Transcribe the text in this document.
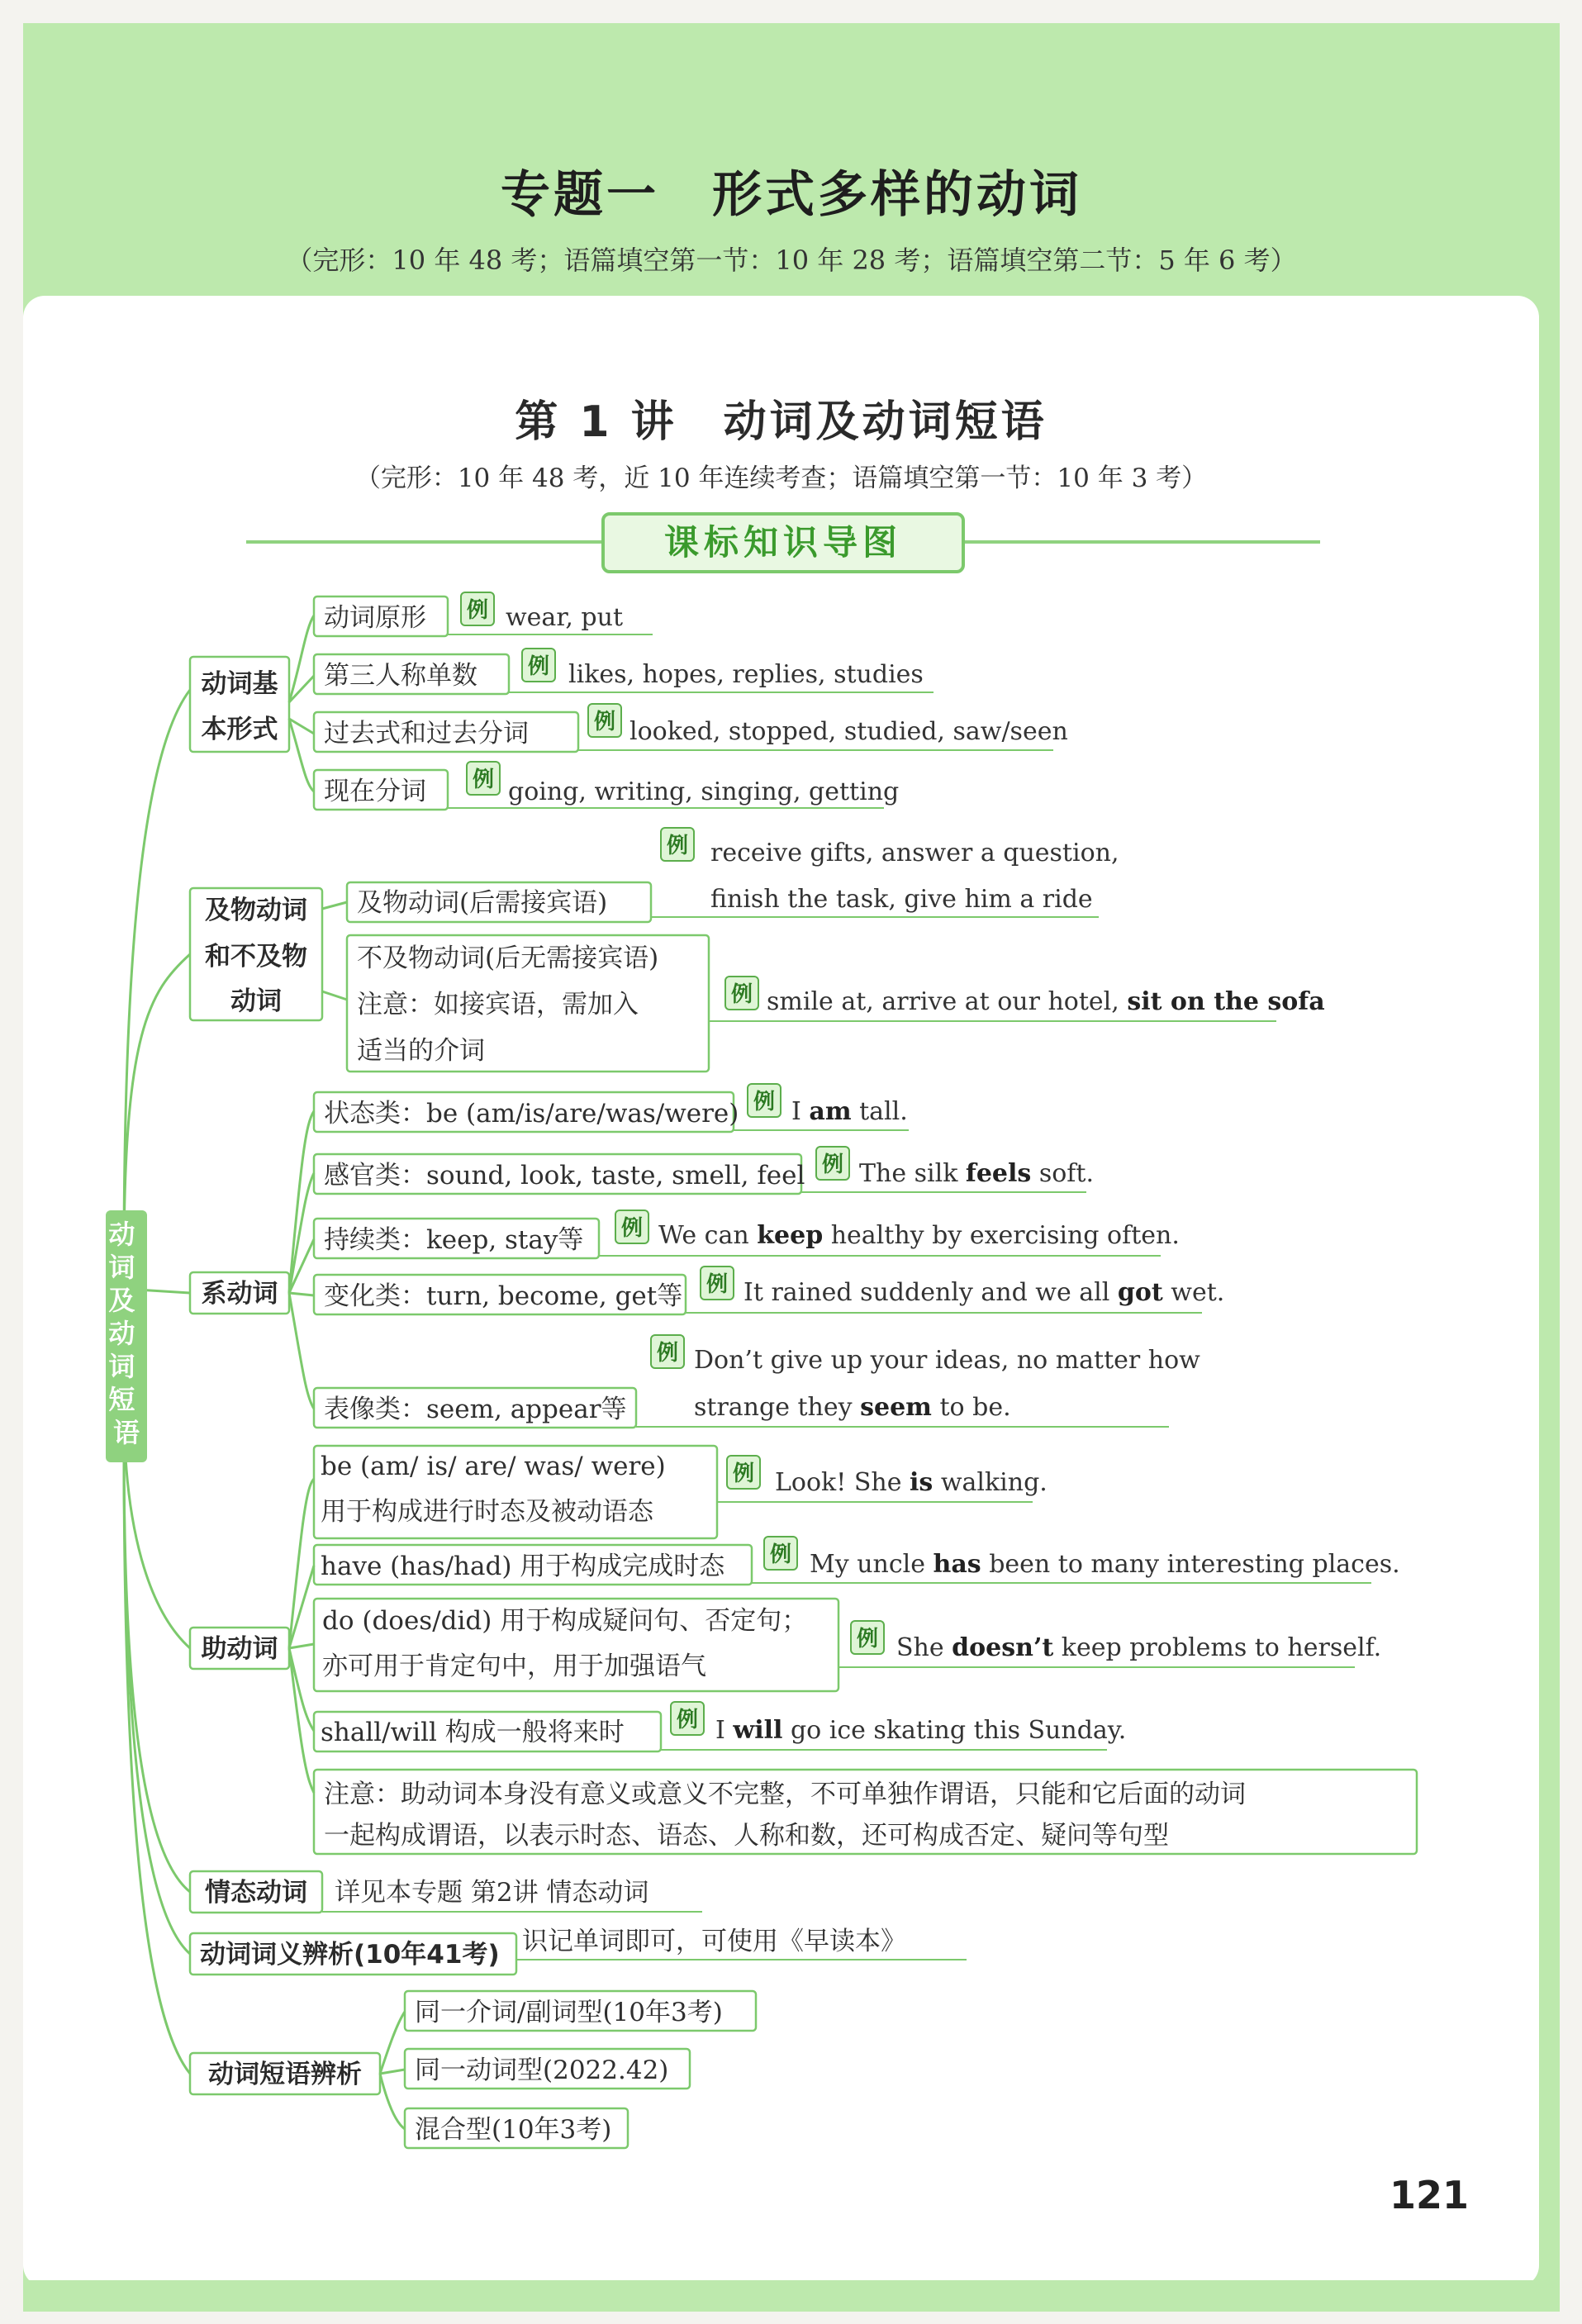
专题一　形式多样的动词
（完形：10 年 48 考；语篇填空第一节：10 年 28 考；语篇填空第二节：5 年 6 考）
第 1 讲　动词及动词短语
（完形：10 年 48 考，近 10 年连续考查；语篇填空第一节：10 年 3 考）
课标知识导图
动 词 及 动 词 短 语
动词基
本形式
及物动词
和不及物
动词
系动词
助动词
情态动词
动词词义辨析(10年41考)
动词短语辨析
动词原形
第三人称单数
过去式和过去分词
现在分词
例 wear, put
例 likes, hopes, replies, studies
例 looked, stopped, studied, saw/seen
例 going, writing, singing, getting
及物动词(后需接宾语)
例 receive gifts, answer a question,
finish the task, give him a ride
不及物动词(后无需接宾语)
注意：如接宾语，需加入
适当的介词
例 smile at, arrive at our hotel, sit on the sofa
状态类：be (am/is/are/was/were)
感官类：sound, look, taste, smell, feel
持续类：keep, stay等
变化类：turn, become, get等
表像类：seem, appear等
例 I am tall.
例 The silk feels soft.
例 We can keep healthy by exercising often.
例 It rained suddenly and we all got wet.
例 Don’t give up your ideas, no matter how
strange they seem to be.
be (am/ is/ are/ was/ were)
用于构成进行时态及被动语态
例 Look! She is walking.
have (has/had) 用于构成完成时态 例 My uncle has been to many interesting places.
do (does/did) 用于构成疑问句、否定句；
亦可用于肯定句中，用于加强语气
例 She doesn’t keep problems to herself.
shall/will 构成一般将来时 例 I will go ice skating this Sunday.
注意：助动词本身没有意义或意义不完整，不可单独作谓语，只能和它后面的动词
一起构成谓语，以表示时态、语态、人称和数，还可构成否定、疑问等句型
详见本专题 第2讲 情态动词
识记单词即可，可使用《早读本》
同一介词/副词型(10年3考)
同一动词型(2022.42)
混合型(10年3考)
121
